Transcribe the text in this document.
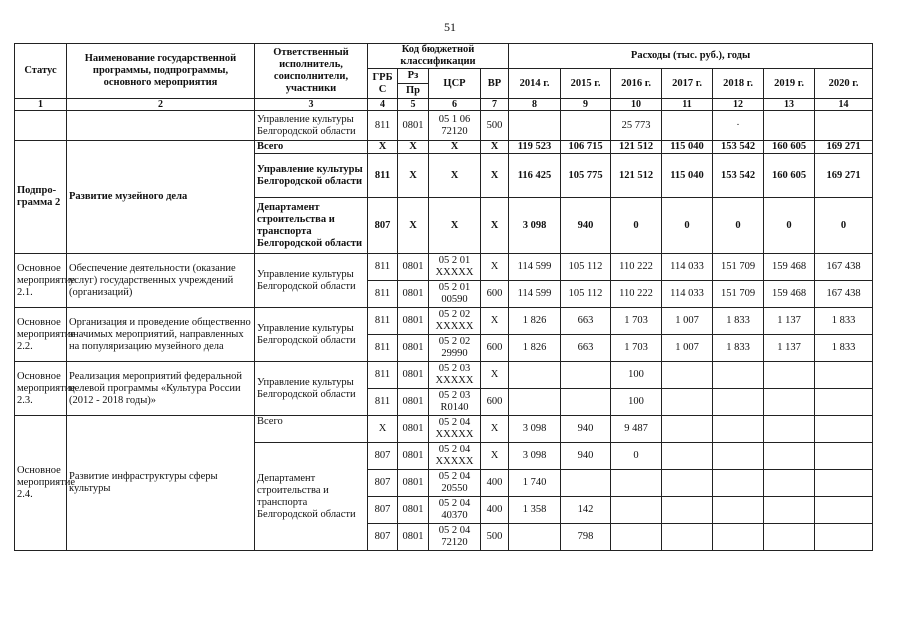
51
Статус	Наименование государственной программы, подпрограммы, основного мероприятия	Ответственный исполнитель, соисполнители, участники	Код бюджетной классификации				Расходы (тыс. руб.), годы						
			ГРБ С	Рз	ЦСР	ВР	2014 г.	2015 г.	2016 г.	2017 г.	2018 г.	2019 г.	2020 г.
				Пр									
1	2	3	4	5	6	7	8	9	10	11	12	13	14
		Управление культуры Белгородской области	811	0801	05 1 06 72120	500			25 773		·		
Подпро-грамма 2	Развитие музейного дела	Всего	X	X	X	X	119 523	106 715	121 512	115 040	153 542	160 605	169 271
		Управление культуры Белгородской области	811	X	X	X	116 425	105 775	121 512	115 040	153 542	160 605	169 271
		Департамент строительства и транспорта Белгородской области	807	X	X	X	3 098	940	0	0	0	0	0
Основное мероприятие 2.1.	Обеспечение деятельности (оказание услуг) государственных учреждений (организаций)	Управление культуры Белгородской области	811	0801	05 2 01 XXXXX	X	114 599	105 112	110 222	114 033	151 709	159 468	167 438
			811	0801	05 2 01 00590	600	114 599	105 112	110 222	114 033	151 709	159 468	167 438
Основное мероприятие 2.2.	Организация и проведение общественно значимых мероприятий, направленных на популяризацию музейного дела	Управление культуры Белгородской области	811	0801	05 2 02 XXXXX	X	1 826	663	1 703	1 007	1 833	1 137	1 833
			811	0801	05 2 02 29990	600	1 826	663	1 703	1 007	1 833	1 137	1 833
Основное мероприятие 2.3.	Реализация мероприятий федеральной целевой программы «Культура России (2012 - 2018 годы)»	Управление культуры Белгородской области	811	0801	05 2 03 XXXXX	X			100				
			811	0801	05 2 03 R0140	600			100				
Основное мероприятие 2.4.	Развитие инфраструктуры сферы культуры	Всего	X	0801	05 2 04 XXXXX	X	3 098	940	9 487				
		Департамент строительства и транспорта Белгородской области	807	0801	05 2 04 XXXXX	X	3 098	940	0				
			807	0801	05 2 04 20550	400	1 740						
			807	0801	05 2 04 40370	400	1 358	142					
			807	0801	05 2 04 72120	500		798					
